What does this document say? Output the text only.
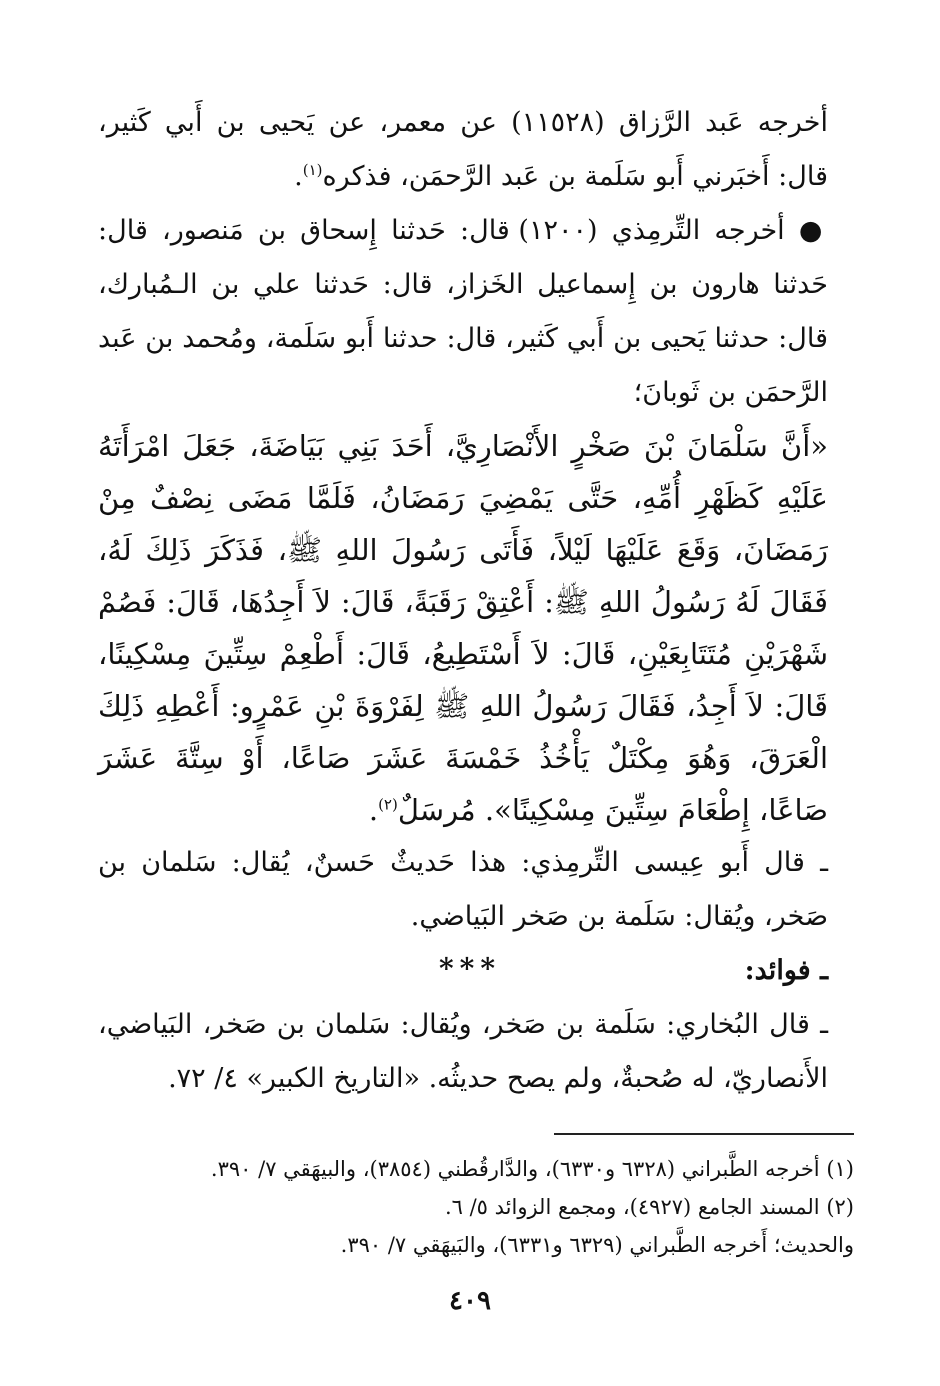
أخرجه عَبد الرَّزاق (١١٥٢٨) عن معمر، عن يَحيى بن أَبي كَثير، قال: أَخبَرني أَبو سَلَمة بن عَبد الرَّحمَن، فذكره$^{(١)}$.

● أخرجه التِّرمِذي (١٢٠٠) قال: حَدثنا إِسحاق بن مَنصور، قال: حَدثنا هارون بن إِسماعيل الخَزاز، قال: حَدثنا علي بن الـمُبارك، قال: حدثنا يَحيى بن أَبي كَثير، قال: حدثنا أَبو سَلَمة، ومُحمد بن عَبد الرَّحمَن بن ثَوبانَ؛

«أَنَّ سَلْمَانَ بْنَ صَخْرٍ الأَنْصَارِيَّ، أَحَدَ بَنِي بَيَاضَةَ، جَعَلَ امْرَأَتَهُ عَلَيْهِ كَظَهْرِ أُمِّهِ، حَتَّى يَمْضِيَ رَمَضَانُ، فَلَمَّا مَضَى نِصْفٌ مِنْ رَمَضَانَ، وَقَعَ عَلَيْهَا لَيْلاً، فَأَتَى رَسُولَ اللهِ ﷺ، فَذَكَرَ ذَلِكَ لَهُ، فَقَالَ لَهُ رَسُولُ اللهِ ﷺ: أَعْتِقْ رَقَبَةً، قَالَ: لاَ أَجِدُهَا، قَالَ: فَصُمْ شَهْرَيْنِ مُتَتَابِعَيْنِ، قَالَ: لاَ أَسْتَطِيعُ، قَالَ: أَطْعِمْ سِتِّينَ مِسْكِينًا، قَالَ: لاَ أَجِدُ، فَقَالَ رَسُولُ اللهِ ﷺ لِفَرْوَةَ بْنِ عَمْرٍو: أَعْطِهِ ذَلِكَ الْعَرَقَ، وَهُوَ مِكْتَلٌ يَأْخُذُ خَمْسَةَ عَشَرَ صَاعًا، أَوْ سِتَّةَ عَشَرَ صَاعًا، إِطْعَامَ سِتِّينَ مِسْكِينًا». مُرسَلٌ$^{(٢)}$.

ـ قال أَبو عِيسى التِّرمِذي: هذا حَديثٌ حَسنٌ، يُقال: سَلمان بن صَخر، ويُقال: سَلَمة بن صَخر البَياضي.

ـ فوائد:

ـ قال البُخاري: سَلَمة بن صَخر، ويُقال: سَلمان بن صَخر، البَياضي، الأَنصاريّ، له صُحبةٌ، ولم يصح حديثُه. «التاريخ الكبير» ٤/ ٧٢.

***
(١) أخرجه الطَّبراني (٦٣٢٨ و٦٣٣٠)، والدَّارقُطني (٣٨٥٤)، والبيهَقي ٧/ ٣٩٠.
(٢) المسند الجامع (٤٩٢٧)، ومجمع الزوائد ٥/ ٦.
والحديث؛ أَخرجه الطَّبراني (٦٣٢٩ و٦٣٣١)، والبَيهَقي ٧/ ٣٩٠.
٤٠٩
